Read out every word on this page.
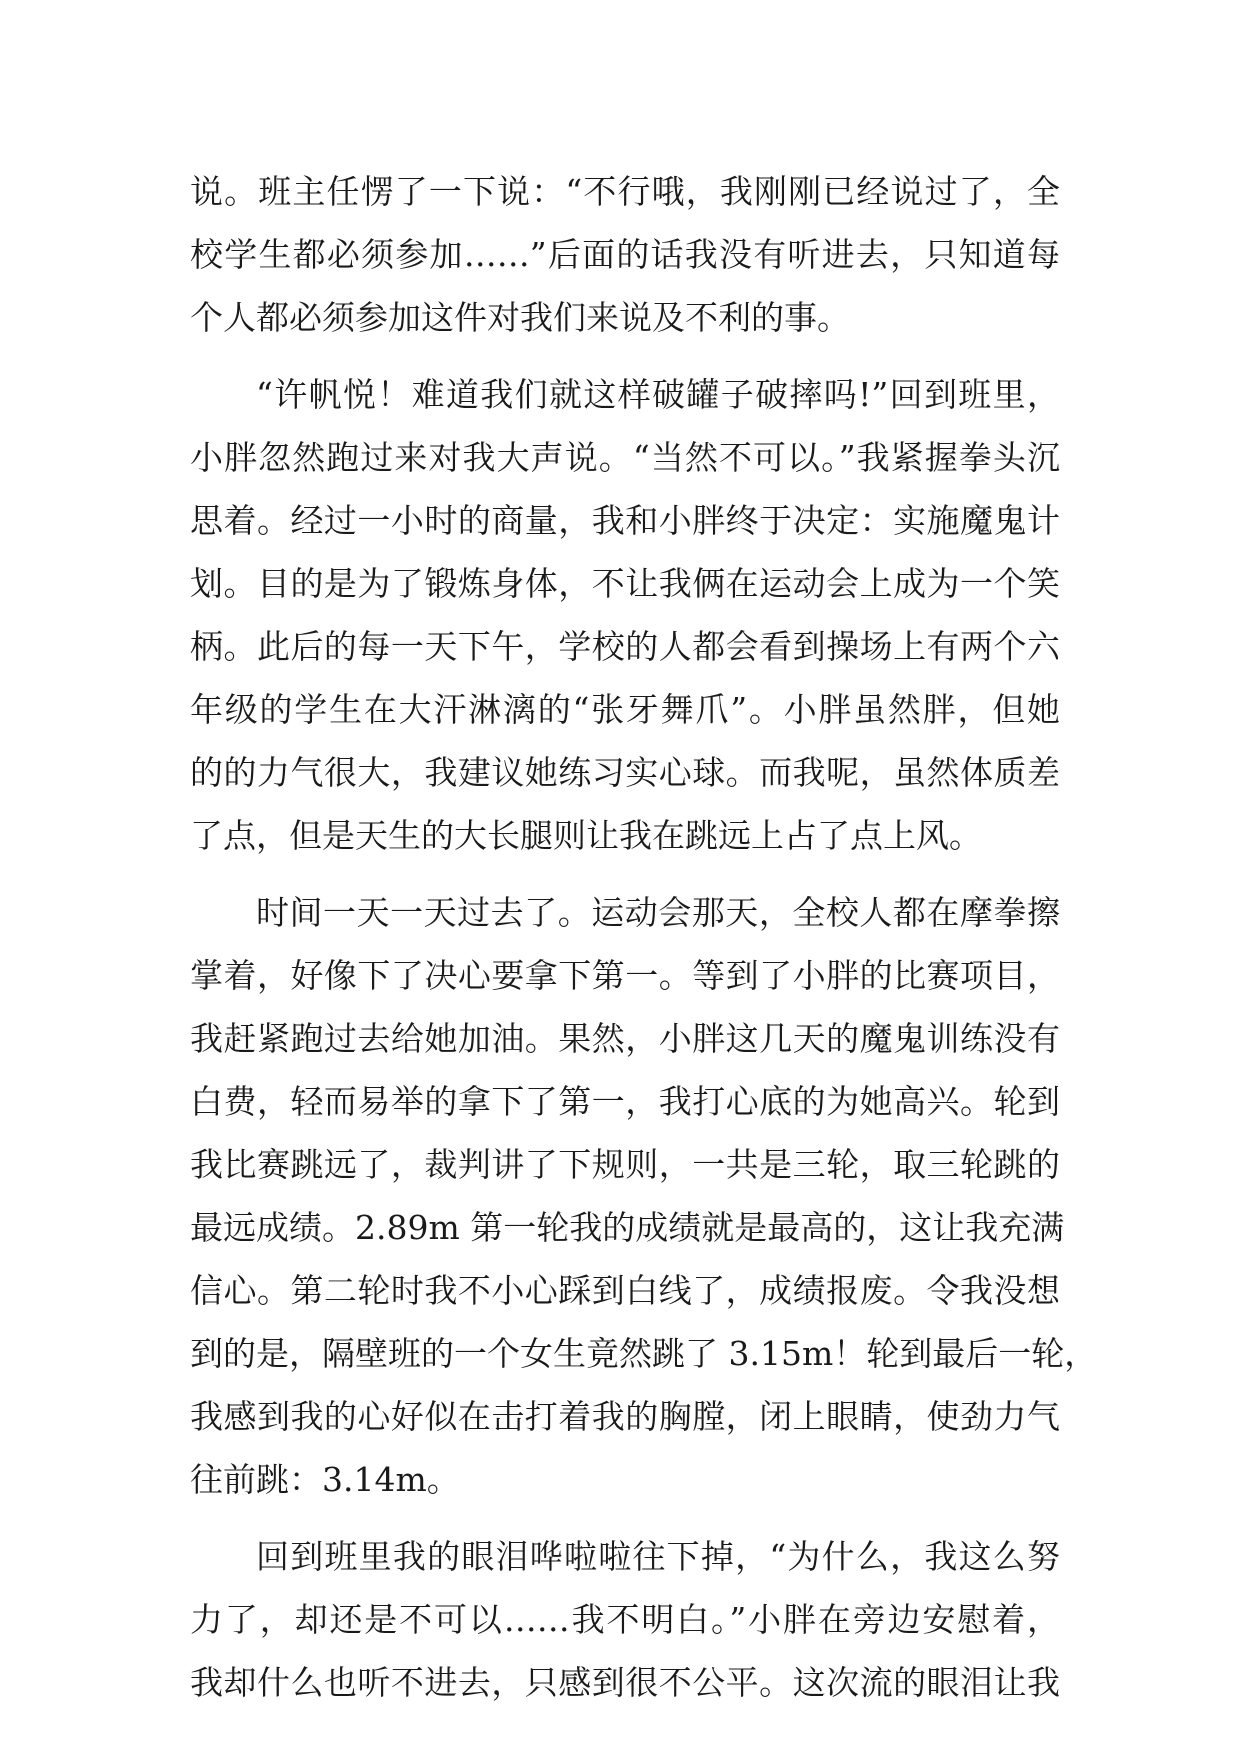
说。班主任愣了一下说：“不行哦，我刚刚已经说过了，全
校学生都必须参加……”后面的话我没有听进去，只知道每
个人都必须参加这件对我们来说及不利的事。
“许帆悦！难道我们就这样破罐子破摔吗!”回到班里，
小胖忽然跑过来对我大声说。“当然不可以。”我紧握拳头沉
思着。经过一小时的商量，我和小胖终于决定：实施魔鬼计
划。目的是为了锻炼身体，不让我俩在运动会上成为一个笑
柄。此后的每一天下午，学校的人都会看到操场上有两个六
年级的学生在大汗淋漓的“张牙舞爪”。小胖虽然胖，但她
的的力气很大，我建议她练习实心球。而我呢，虽然体质差
了点，但是天生的大长腿则让我在跳远上占了点上风。
时间一天一天过去了。运动会那天，全校人都在摩拳擦
掌着，好像下了决心要拿下第一。等到了小胖的比赛项目，
我赶紧跑过去给她加油。果然，小胖这几天的魔鬼训练没有
白费，轻而易举的拿下了第一，我打心底的为她高兴。轮到
我比赛跳远了，裁判讲了下规则，一共是三轮，取三轮跳的
最远成绩。2.89m 第一轮我的成绩就是最高的，这让我充满
信心。第二轮时我不小心踩到白线了，成绩报废。令我没想
到的是，隔壁班的一个女生竟然跳了 3.15m！轮到最后一轮，
我感到我的心好似在击打着我的胸膛，闭上眼睛，使劲力气
往前跳：3.14m。
回到班里我的眼泪哗啦啦往下掉，“为什么，我这么努
力了，却还是不可以……我不明白。”小胖在旁边安慰着，
我却什么也听不进去，只感到很不公平。这次流的眼泪让我
